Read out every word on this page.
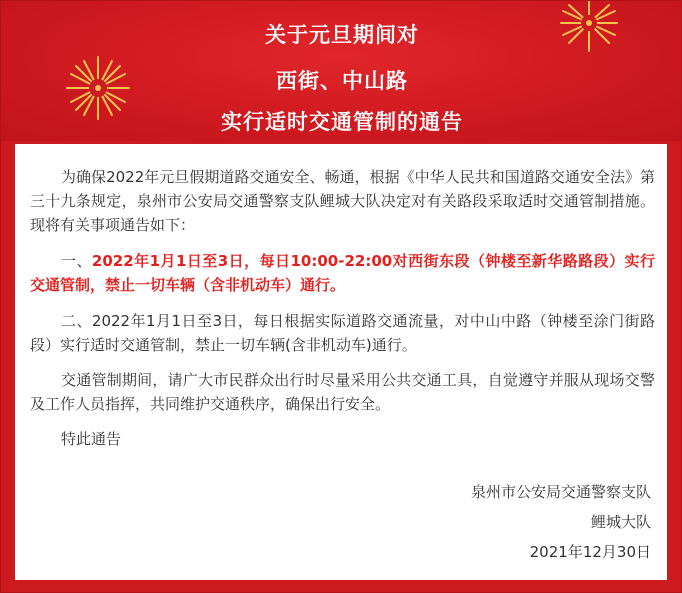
关于元旦期间对
西街、中山路
实行适时交通管制的通告

为确保2022年元旦假期道路交通安全、畅通，根据《中华人民共和国道路交通安全法》第三十九条规定，泉州市公安局交通警察支队鲤城大队决定对有关路段采取适时交通管制措施。现将有关事项通告如下：

一、2022年1月1日至3日，每日10:00-22:00对西街东段（钟楼至新华路路段）实行交通管制，禁止一切车辆（含非机动车）通行。

二、2022年1月1日至3日，每日根据实际道路交通流量，对中山中路（钟楼至涂门街路段）实行适时交通管制，禁止一切车辆(含非机动车)通行。

交通管制期间，请广大市民群众出行时尽量采用公共交通工具，自觉遵守并服从现场交警及工作人员指挥，共同维护交通秩序，确保出行安全。

特此通告

泉州市公安局交通警察支队
鲤城大队
2021年12月30日
